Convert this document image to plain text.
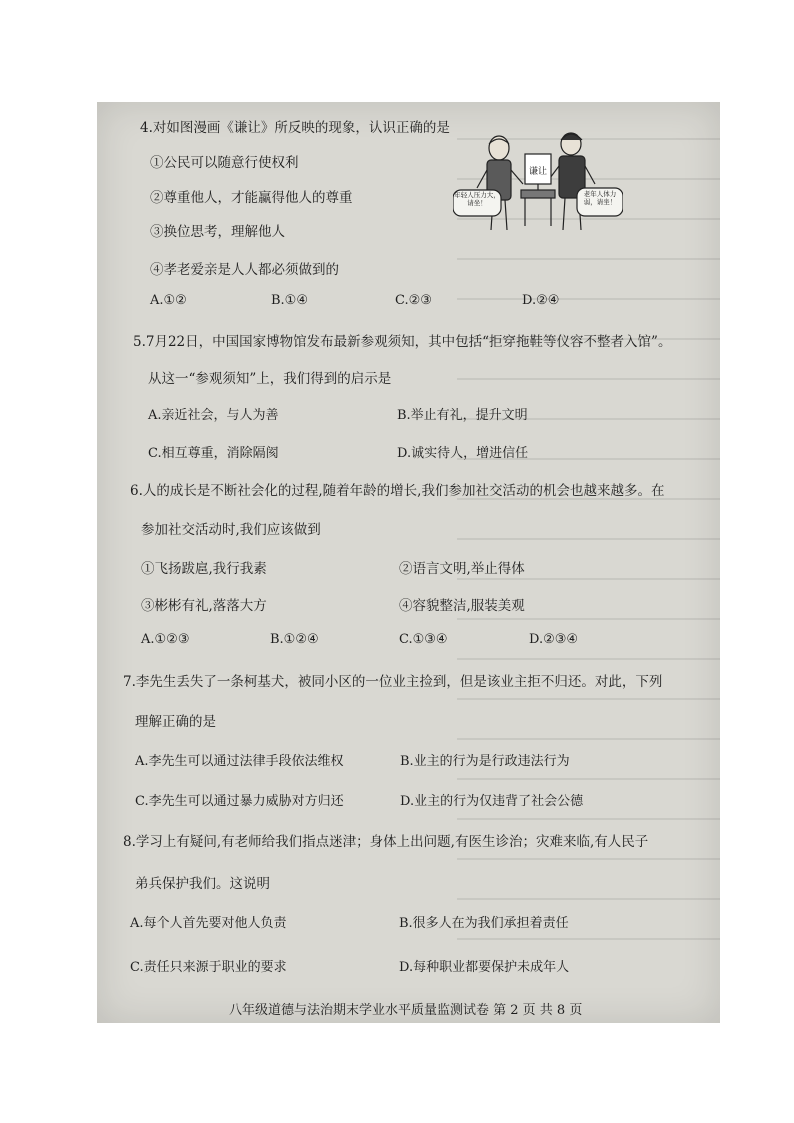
4.对如图漫画《谦让》所反映的现象，认识正确的是
①公民可以随意行使权利
②尊重他人，才能赢得他人的尊重
③换位思考，理解他人
④孝老爱亲是人人都必须做到的
A.①②	B.①④	C.②③	D.②④
谦让
年轻人压力大，请坐！
老年人体力弱，请坐！
5.7月22日，中国国家博物馆发布最新参观须知，其中包括“拒穿拖鞋等仪容不整者入馆”。
从这一“参观须知”上，我们得到的启示是
A.亲近社会，与人为善	B.举止有礼，提升文明
C.相互尊重，消除隔阂	D.诚实待人，增进信任
6.人的成长是不断社会化的过程,随着年龄的增长,我们参加社交活动的机会也越来越多。在
参加社交活动时,我们应该做到
①飞扬跋扈,我行我素	②语言文明,举止得体
③彬彬有礼,落落大方	④容貌整洁,服装美观
A.①②③	B.①②④	C.①③④	D.②③④
7.李先生丢失了一条柯基犬，被同小区的一位业主捡到，但是该业主拒不归还。对此，下列
理解正确的是
A.李先生可以通过法律手段依法维权	B.业主的行为是行政违法行为
C.李先生可以通过暴力威胁对方归还	D.业主的行为仅违背了社会公德
8.学习上有疑问,有老师给我们指点迷津；身体上出问题,有医生诊治；灾难来临,有人民子
弟兵保护我们。这说明
A.每个人首先要对他人负责	B.很多人在为我们承担着责任
C.责任只来源于职业的要求	D.每种职业都要保护未成年人
八年级道德与法治期末学业水平质量监测试卷 第 2 页 共 8 页
